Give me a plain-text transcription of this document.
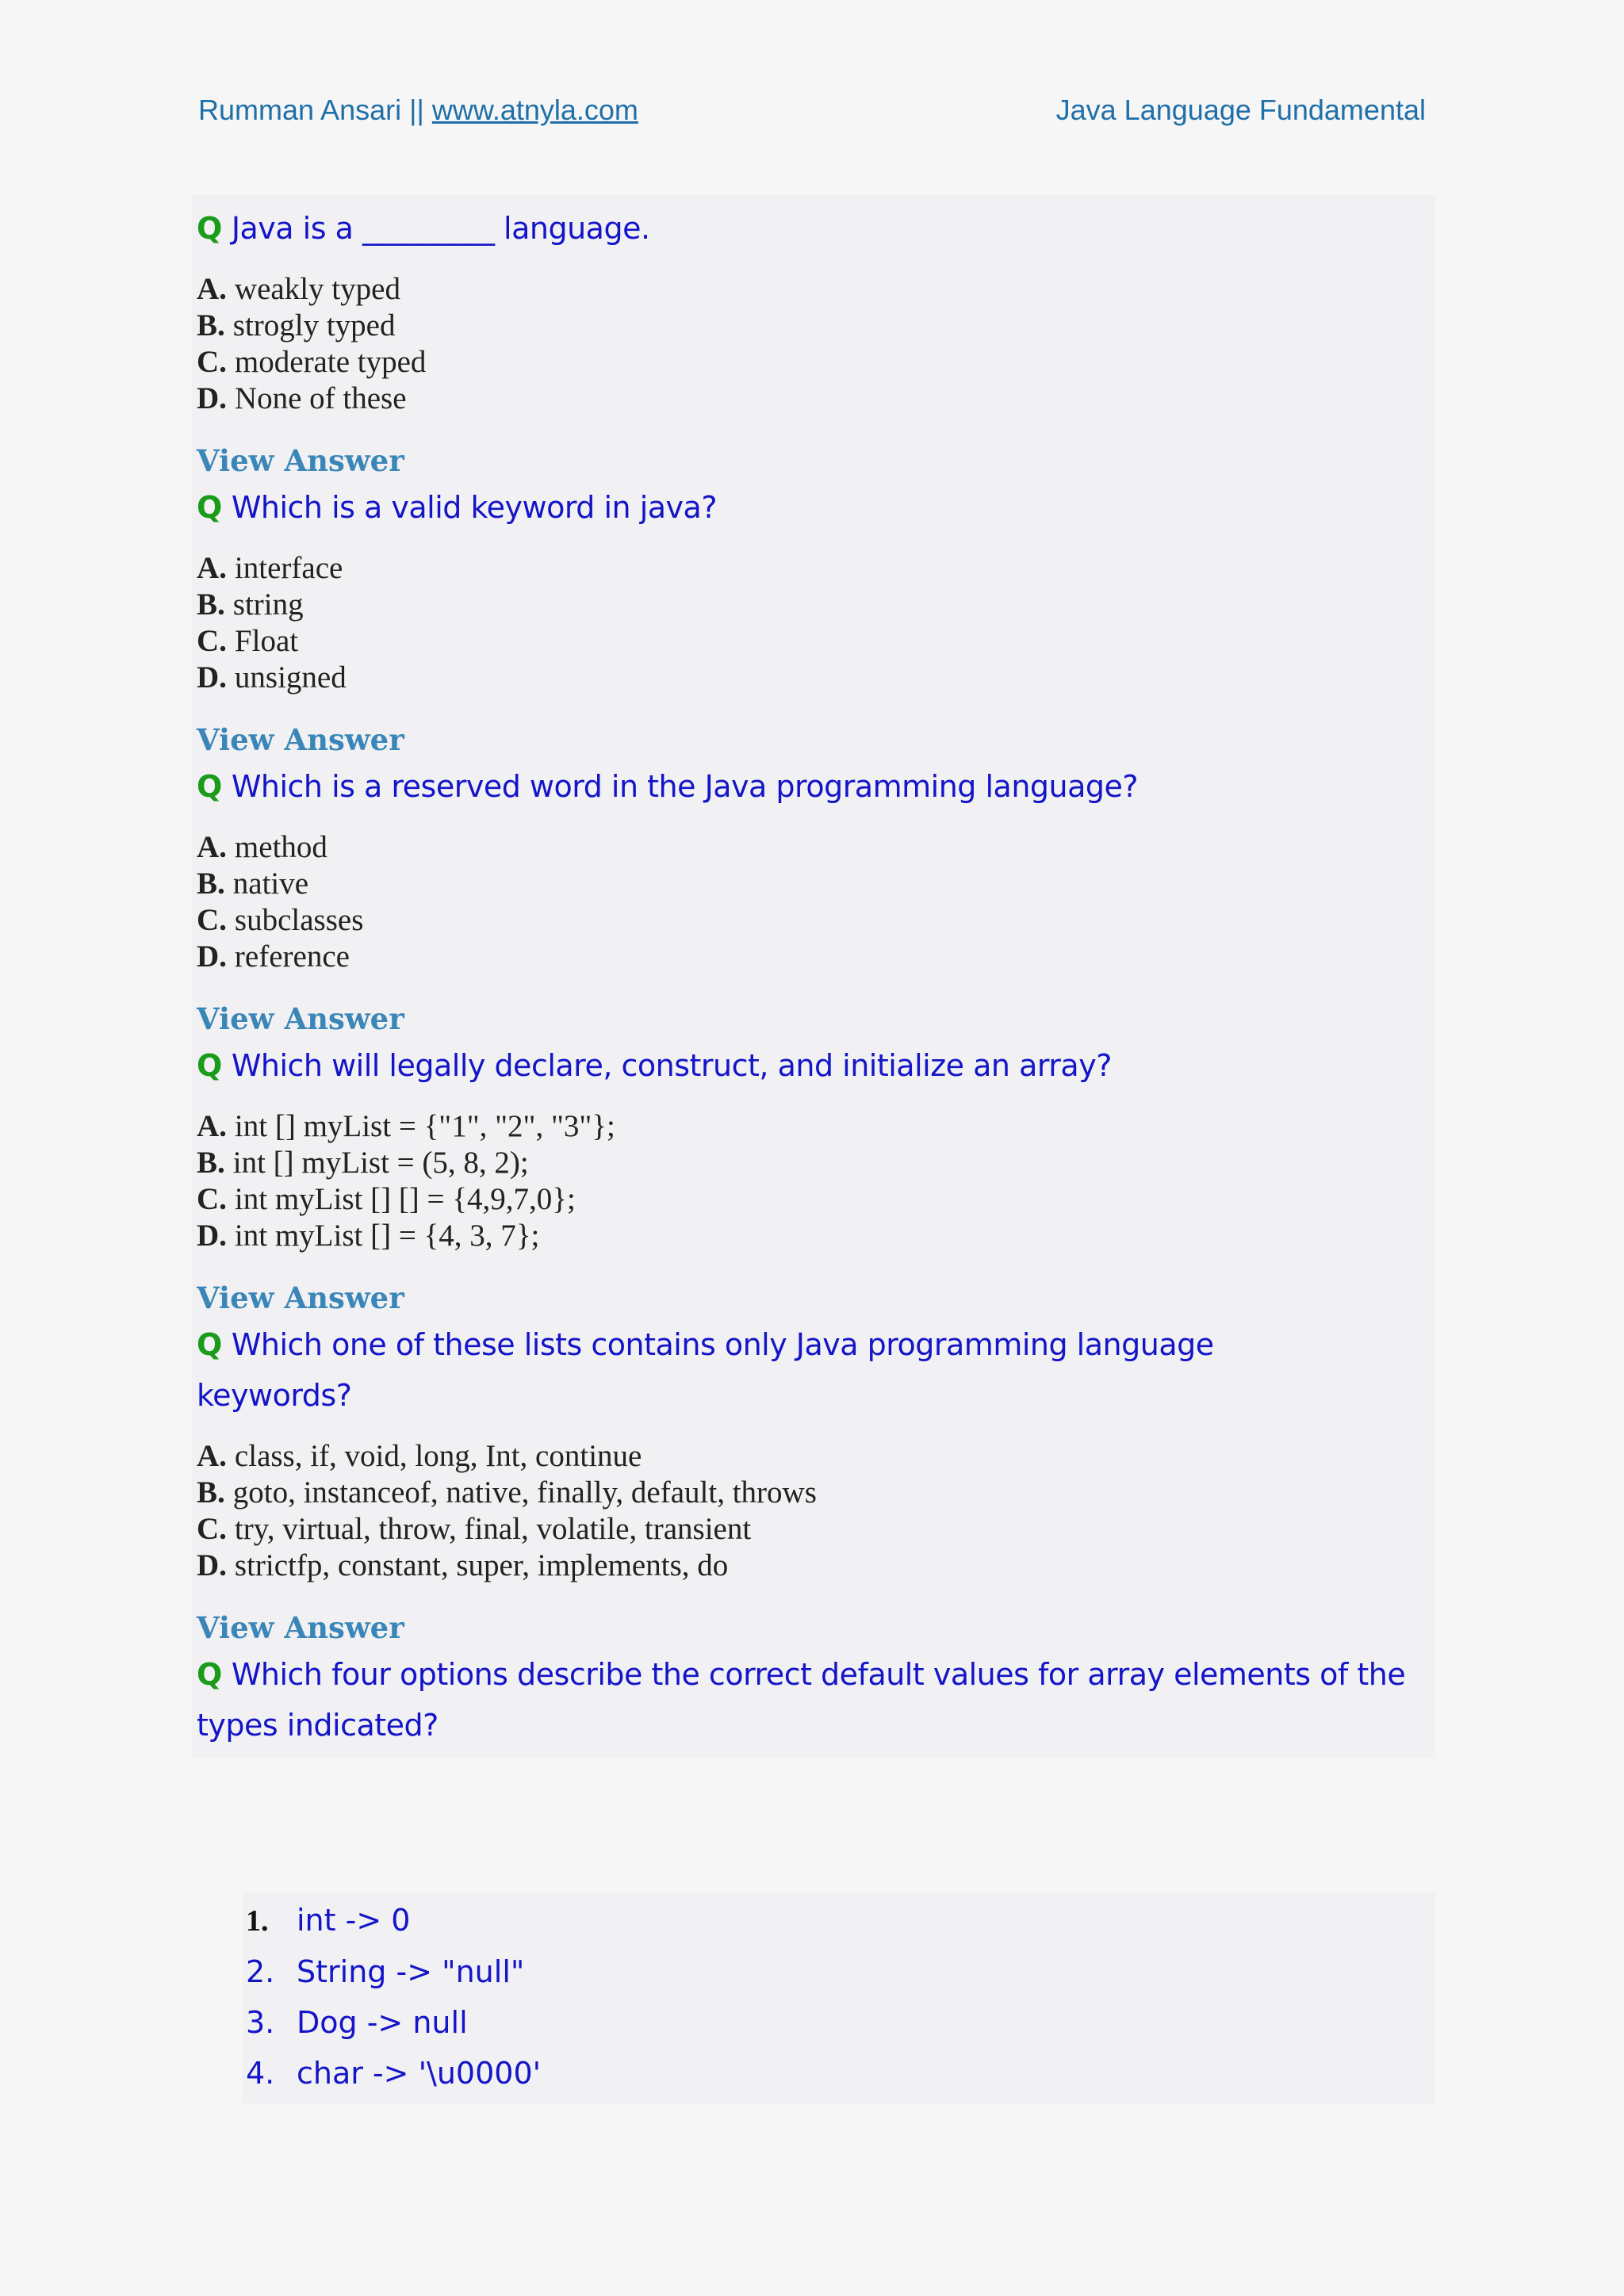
Rumman Ansari || www.atnyla.com	Java Language Fundamental
Q Java is a _________ language.
A. weakly typed
B. strogly typed
C. moderate typed
D. None of these
View Answer
Q Which is a valid keyword in java?
A. interface
B. string
C. Float
D. unsigned
View Answer
Q Which is a reserved word in the Java programming language?
A. method
B. native
C. subclasses
D. reference
View Answer
Q Which will legally declare, construct, and initialize an array?
A. int [] myList = {"1", "2", "3"};
B. int [] myList = (5, 8, 2);
C. int myList [] [] = {4,9,7,0};
D. int myList [] = {4, 3, 7};
View Answer
Q Which one of these lists contains only Java programming language keywords?
A. class, if, void, long, Int, continue
B. goto, instanceof, native, finally, default, throws
C. try, virtual, throw, final, volatile, transient
D. strictfp, constant, super, implements, do
View Answer
Q Which four options describe the correct default values for array elements of the types indicated?
1. int -> 0
2. String -> "null"
3. Dog -> null
4. char -> '\u0000'
